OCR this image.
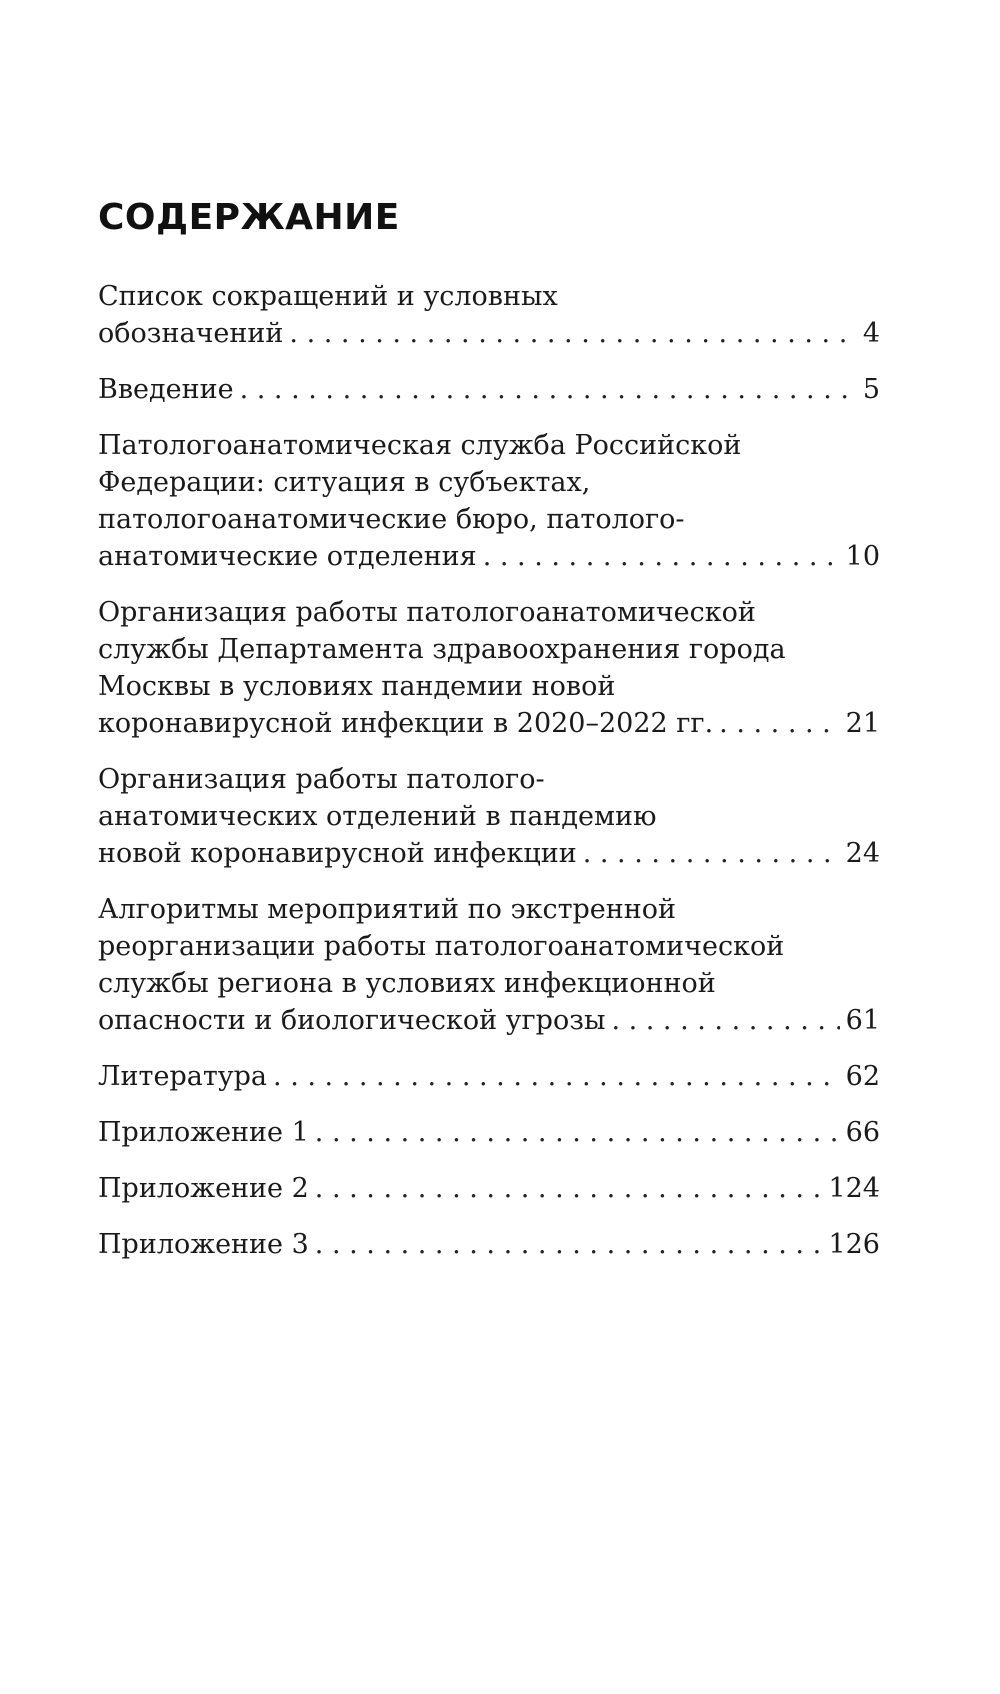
СОДЕРЖАНИЕ
Список сокращений и условных
обозначений . . .	4
Введение . . .	5
Патологоанатомическая служба Российской
Федерации: ситуация в субъектах,
патологоанатомические бюро, патолого-
анатомические отделения . . .	10
Организация работы патологоанатомической
службы Департамента здравоохранения города
Москвы в условиях пандемии новой
коронавирусной инфекции в 2020–2022 гг. . . .	21
Организация работы патолого-
анатомических отделений в пандемию
новой коронавирусной инфекции . . .	24
Алгоритмы мероприятий по экстренной
реорганизации работы патологоанатомической
службы региона в условиях инфекционной
опасности и биологической угрозы . . .	61
Литература . . .	62
Приложение 1 . . .	66
Приложение 2 . . .	124
Приложение 3 . . .	126
